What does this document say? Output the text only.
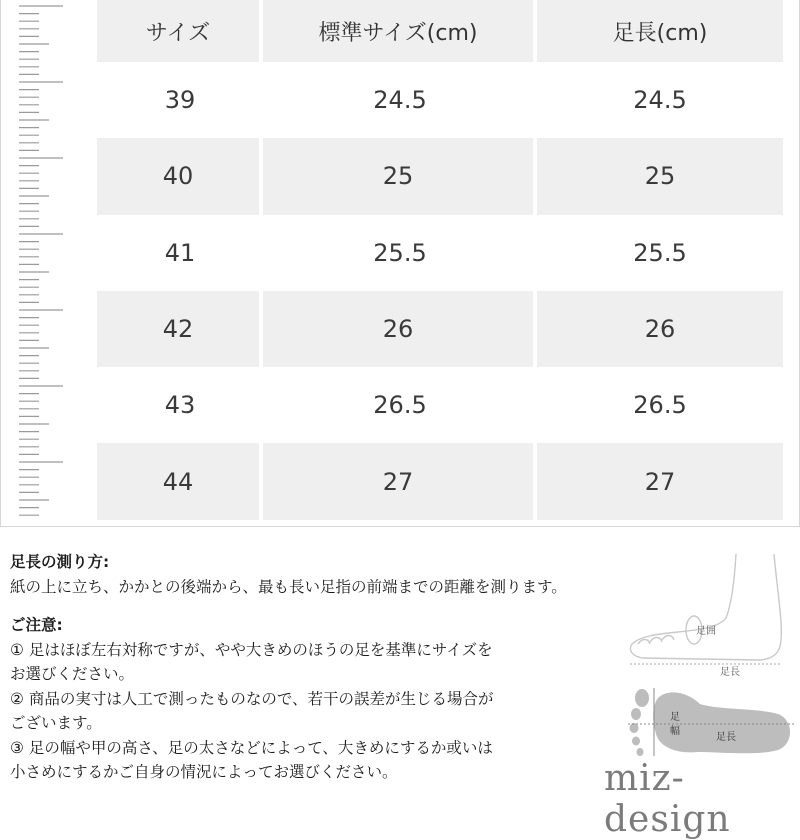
サイズ	標準サイズ(cm)	足長(cm)
39	24.5	24.5
40	25	25
41	25.5	25.5
42	26	26
43	26.5	26.5
44	27	27

足長の測り方:

紙の上に立ち、かかとの後端から、最も長い足指の前端までの距離を測ります。

ご注意:

① 足はほぼ左右対称ですが、やや大きめのほうの足を基準にサイズを

お選びください。

② 商品の実寸は人工で測ったものなので、若干の誤差が生じる場合が

ございます。

③ 足の幅や甲の高さ、足の太さなどによって、大きめにするか或いは

小さめにするかご自身の情況によってお選びください。

足囲
足長
足
幅
足長
miz-design
